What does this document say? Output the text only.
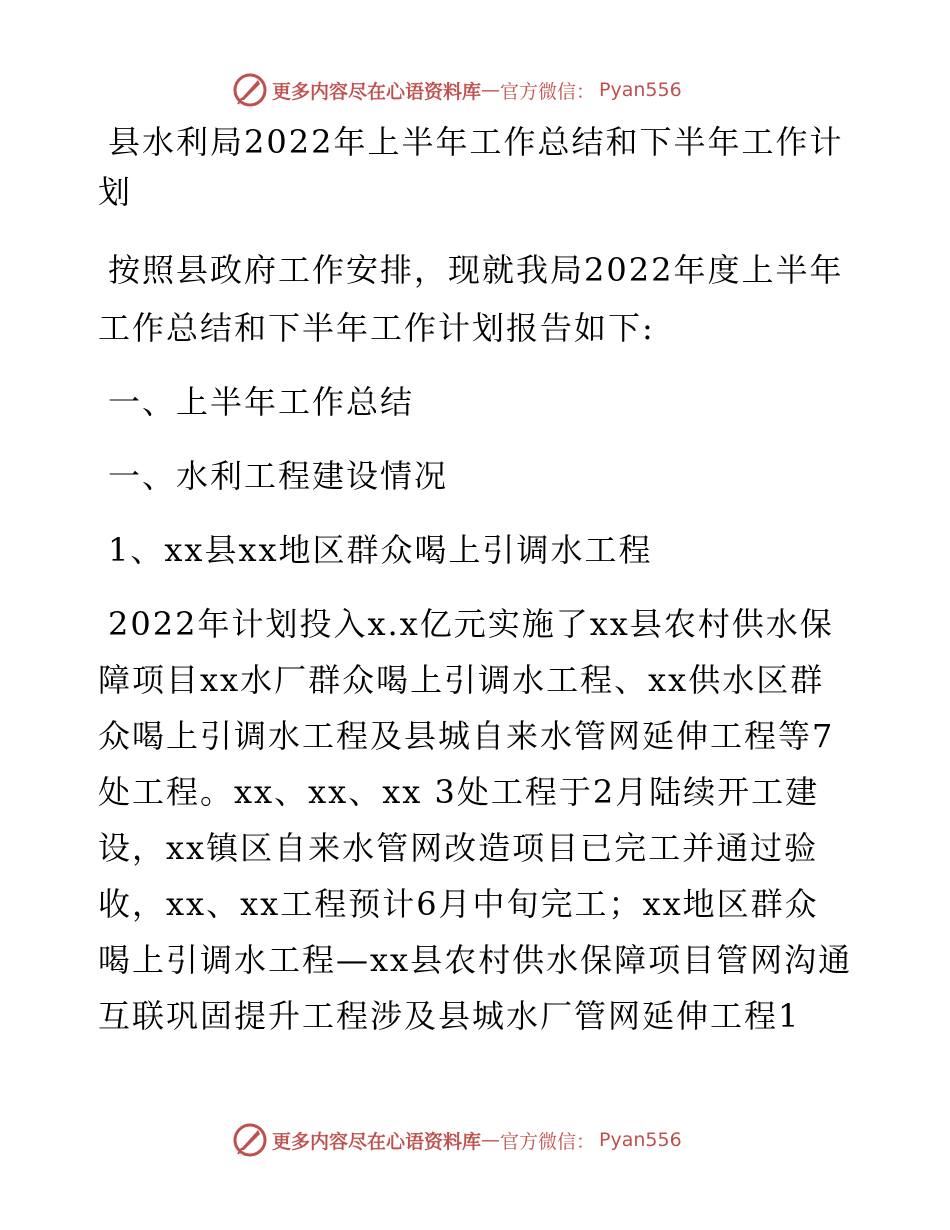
更多内容尽在心语资料库 — 官方微信： Pyan556
县水利局2022年上半年工作总结和下半年工作计
划
按照县政府工作安排，现就我局2022年度上半年
工作总结和下半年工作计划报告如下:
一、上半年工作总结
一、水利工程建设情况
1、xx县xx地区群众喝上引调水工程
2022年计划投入x.x亿元实施了xx县农村供水保
障项目xx水厂群众喝上引调水工程、xx供水区群
众喝上引调水工程及县城自来水管网延伸工程等7
处工程。xx、xx、xx 3处工程于2月陆续开工建
设，xx镇区自来水管网改造项目已完工并通过验
收，xx、xx工程预计6月中旬完工；xx地区群众
喝上引调水工程—xx县农村供水保障项目管网沟通
互联巩固提升工程涉及县城水厂管网延伸工程1
更多内容尽在心语资料库 — 官方微信： Pyan556
